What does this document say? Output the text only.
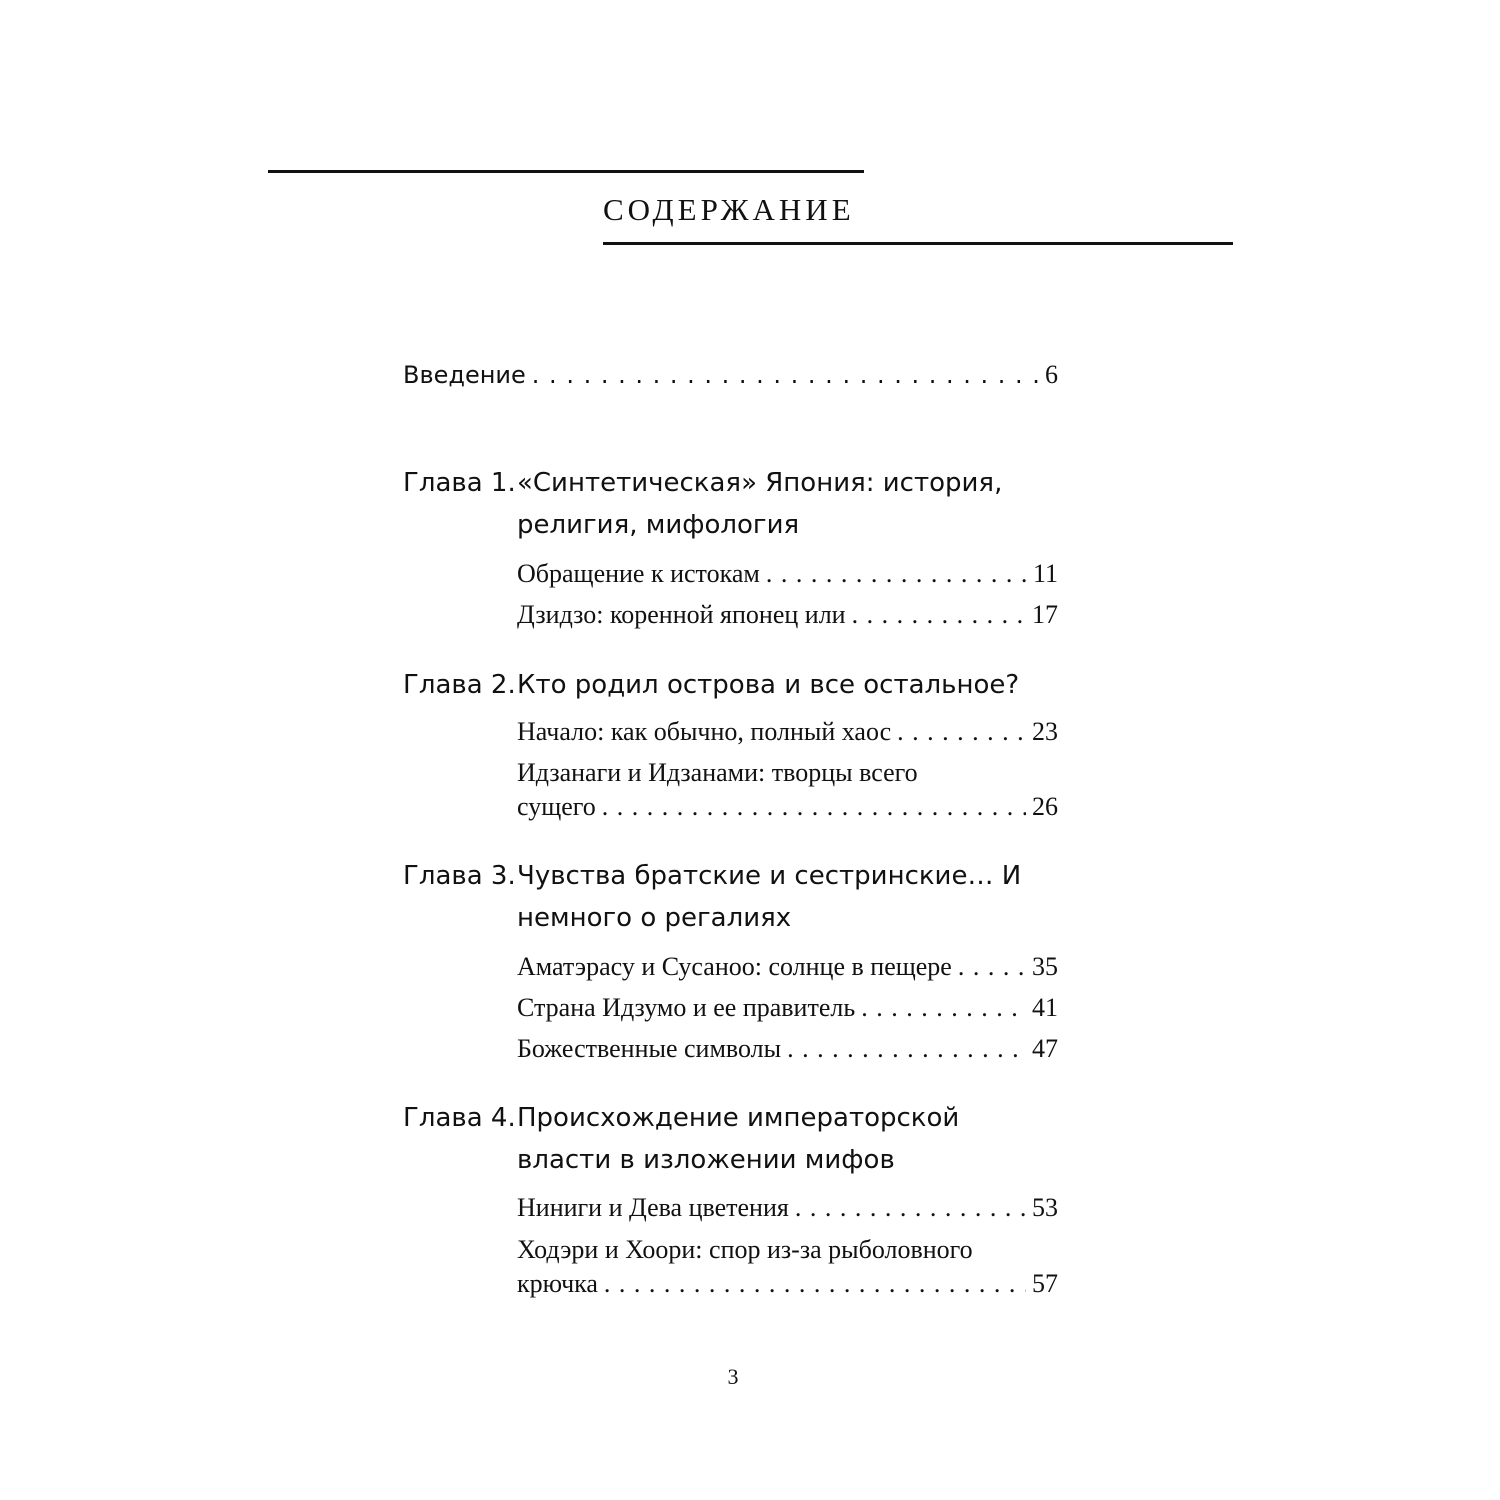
СОДЕРЖАНИЕ
Введение . . .	6
Глава 1. «Синтетическая» Япония: история, религия, мифология
Обращение к истокам . . .	11
Дзидзо: коренной японец или . . .	17
Глава 2. Кто родил острова и все остальное?
Начало: как обычно, полный хаос . . .	23
Идзанаги и Идзанами: творцы всего
сущего . . .	26
Глава 3. Чувства братские и сестринские… И немного о регалиях
Аматэрасу и Сусаноо: солнце в пещере . . .	35
Страна Идзумо и ее правитель . . .	41
Божественные символы . . .	47
Глава 4. Происхождение императорской власти в изложении мифов
Ниниги и Дева цветения . . .	53
Ходэри и Хоори: спор из-за рыболовного
крючка . . .	57
3
